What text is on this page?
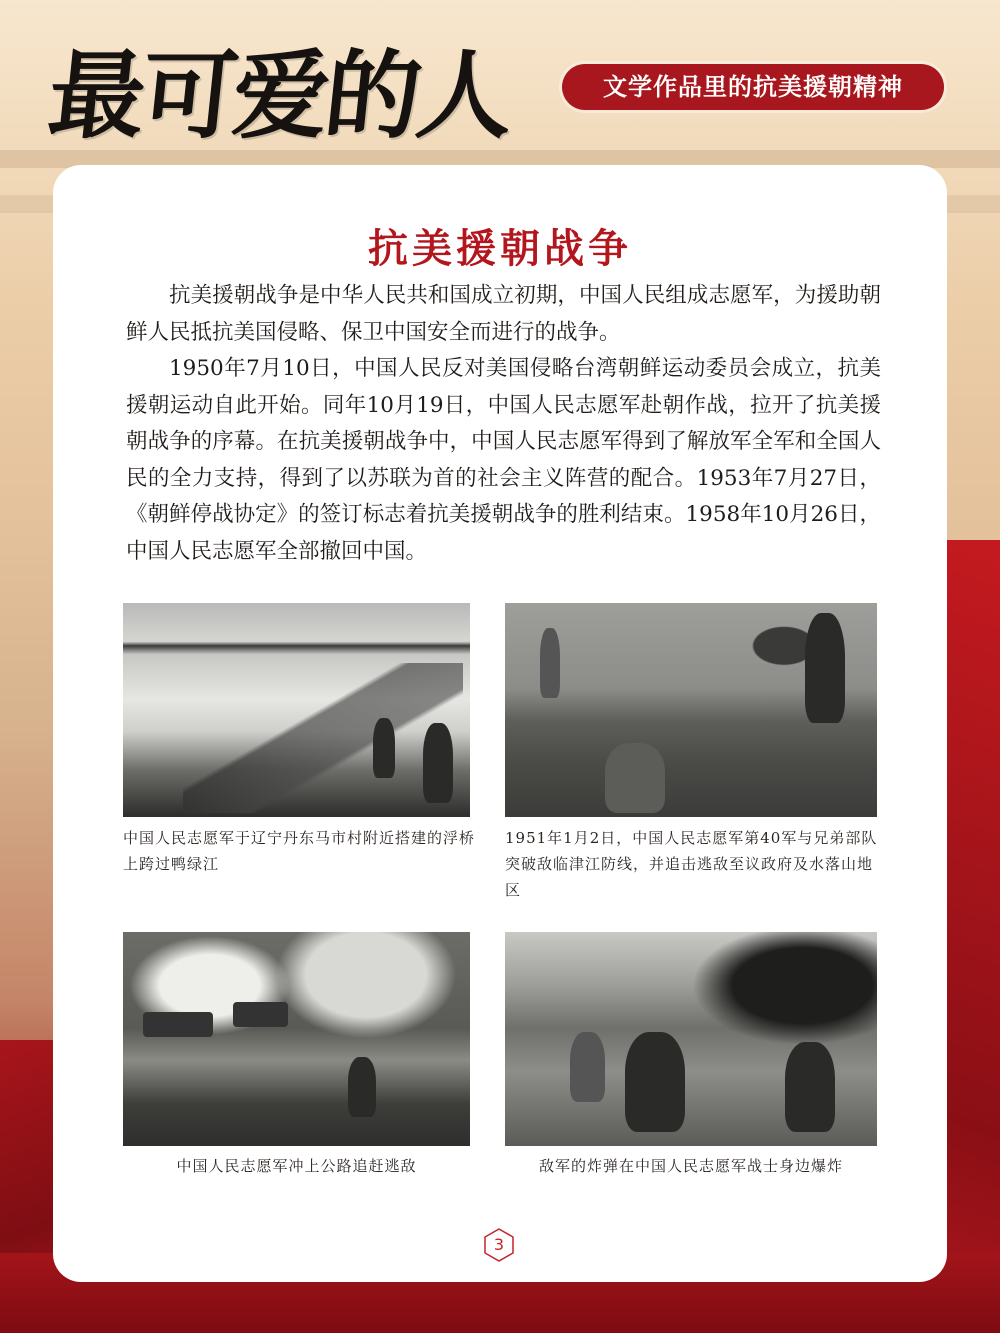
最可爱的人	文学作品里的抗美援朝精神
抗美援朝战争

抗美援朝战争是中华人民共和国成立初期，中国人民组成志愿军，为援助朝鲜人民抵抗美国侵略、保卫中国安全而进行的战争。

1950年7月10日，中国人民反对美国侵略台湾朝鲜运动委员会成立，抗美援朝运动自此开始。同年10月19日，中国人民志愿军赴朝作战，拉开了抗美援朝战争的序幕。在抗美援朝战争中，中国人民志愿军得到了解放军全军和全国人民的全力支持，得到了以苏联为首的社会主义阵营的配合。1953年7月27日，《朝鲜停战协定》的签订标志着抗美援朝战争的胜利结束。1958年10月26日，中国人民志愿军全部撤回中国。

中国人民志愿军于辽宁丹东马市村附近搭建的浮桥上跨过鸭绿江
1951年1月2日，中国人民志愿军第40军与兄弟部队突破敌临津江防线，并追击逃敌至议政府及水落山地区
中国人民志愿军冲上公路追赶逃敌	敌军的炸弹在中国人民志愿军战士身边爆炸
3
